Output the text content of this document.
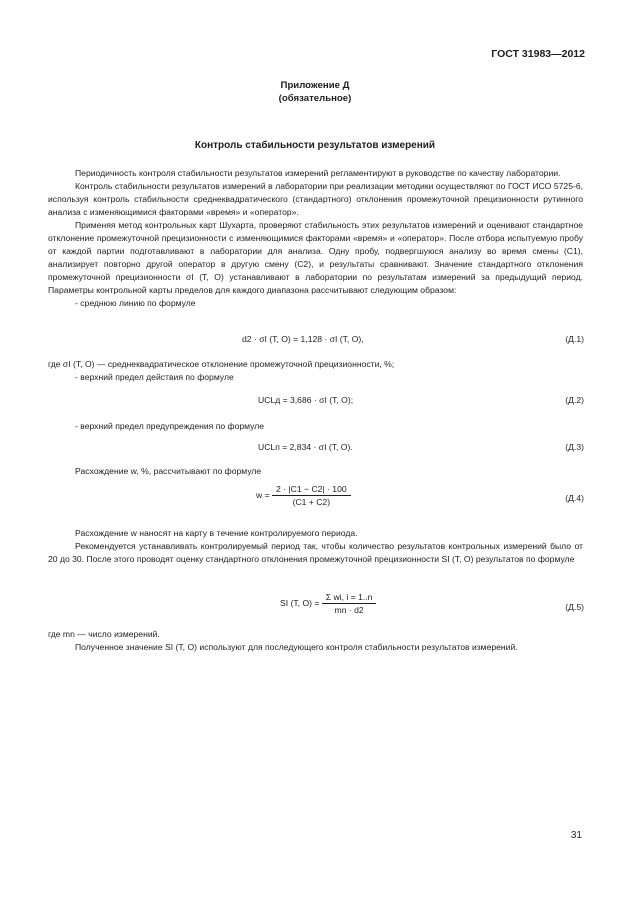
ГОСТ 31983—2012
Приложение Д
(обязательное)
Контроль стабильности результатов измерений

Периодичность контроля стабильности результатов измерений регламентируют в руководстве по качеству лаборатории.

Контроль стабильности результатов измерений в лаборатории при реализации методики осуществляют по ГОСТ ИСО 5725-6, используя контроль стабильности среднеквадратического (стандартного) отклонения промежуточной прецизионности рутинного анализа с изменяющимися факторами «время» и «оператор».

Применяя метод контрольных карт Шухарта, проверяют стабильность этих результатов измерений и оценивают стандартное отклонение промежуточной прецизионности с изменяющимися факторами «время» и «оператор». После отбора испытуемую пробу от каждой партии подготавливают в лаборатории для анализа. Одну пробу, подвергшуюся анализу во время смены (C1), анализирует повторно другой оператор в другую смену (C2), и результаты сравнивают. Значение стандартного отклонения промежуточной прецизионности σI (T, O) устанавливают в лаборатории по результатам измерений за предыдущий период. Параметры контрольной карты пределов для каждого диапазона рассчитывают следующим образом:

- среднюю линию по формуле

d2 · σI (T, O) = 1,128 · σI (T, O),	(Д.1)

где σI (T, O) — среднеквадратическое отклонение промежуточной прецизионности, %;

- верхний предел действия по формуле

UCLд = 3,686 · σI (T, O);	(Д.2)

- верхний предел предупреждения по формуле

UCLп = 2,834 · σI (T, O).	(Д.3)

Расхождение w, %, рассчитывают по формуле

$w = \frac{2 \cdot |C1 - C2| \cdot 100}{(C1 + C2)}$	(Д.4)

Расхождение w наносят на карту в течение контролируемого периода.

Рекомендуется устанавливать контролируемый период так, чтобы количество результатов контрольных измерений было от 20 до 30. После этого проводят оценку стандартного отклонения промежуточной прецизионности SI (T, O) результатов по формуле

SI (T, $O) = \frac{\text{Σ wi, i = 1..n}}{mn \cdot d2}$	(Д.5)

где mn — число измерений.

Полученное значение SI (T, O) используют для последующего контроля стабильности результатов измерений.

31
